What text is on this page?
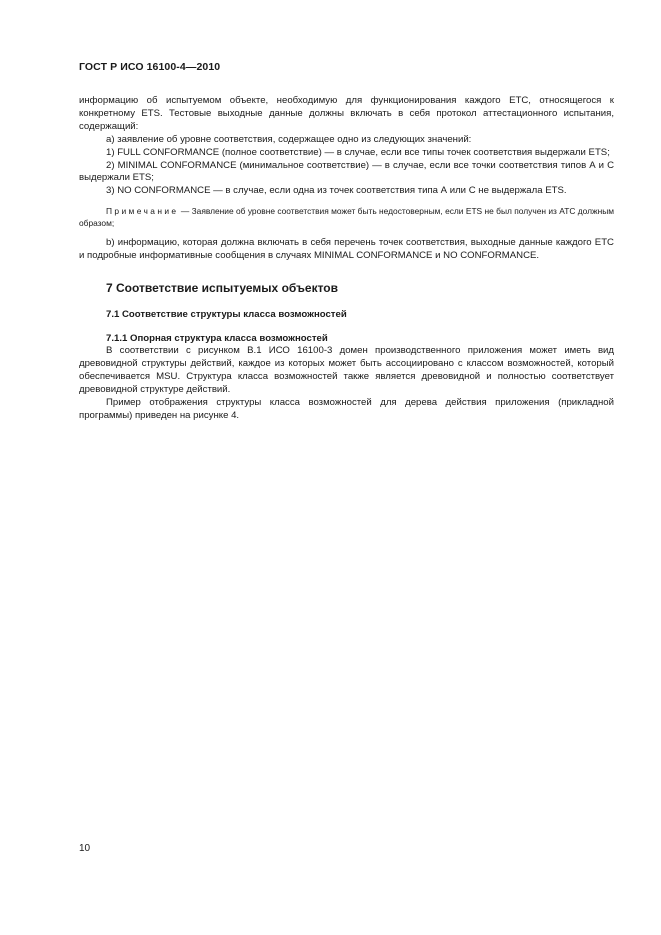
ГОСТ Р ИСО 16100-4—2010

информацию об испытуемом объекте, необходимую для функционирования каждого ETC, относящегося к конкретному ETS. Тестовые выходные данные должны включать в себя протокол аттестационного испытания, содержащий:

а) заявление об уровне соответствия, содержащее одно из следующих значений:

1) FULL CONFORMANCE (полное соответствие) — в случае, если все типы точек соответствия выдержали ETS;

2) MINIMAL CONFORMANCE (минимальное соответствие) — в случае, если все точки соответствия типов А и С выдержали ETS;

3) NO CONFORMANCE — в случае, если одна из точек соответствия типа А или С не выдержала ETS.

Примечание — Заявление об уровне соответствия может быть недостоверным, если ETS не был получен из АТС должным образом;

b) информацию, которая должна включать в себя перечень точек соответствия, выходные данные каждого ETC и подробные информативные сообщения в случаях MINIMAL CONFORMANCE и NO CONFORMANCE.

7 Соответствие испытуемых объектов
7.1 Соответствие структуры класса возможностей
7.1.1 Опорная структура класса возможностей

В соответствии с рисунком В.1 ИСО 16100-3 домен производственного приложения может иметь вид древовидной структуры действий, каждое из которых может быть ассоциировано с классом возможностей, который обеспечивается MSU. Структура класса возможностей также является древовидной и полностью соответствует древовидной структуре действий.

Пример отображения структуры класса возможностей для дерева действия приложения (прикладной программы) приведен на рисунке 4.

10
